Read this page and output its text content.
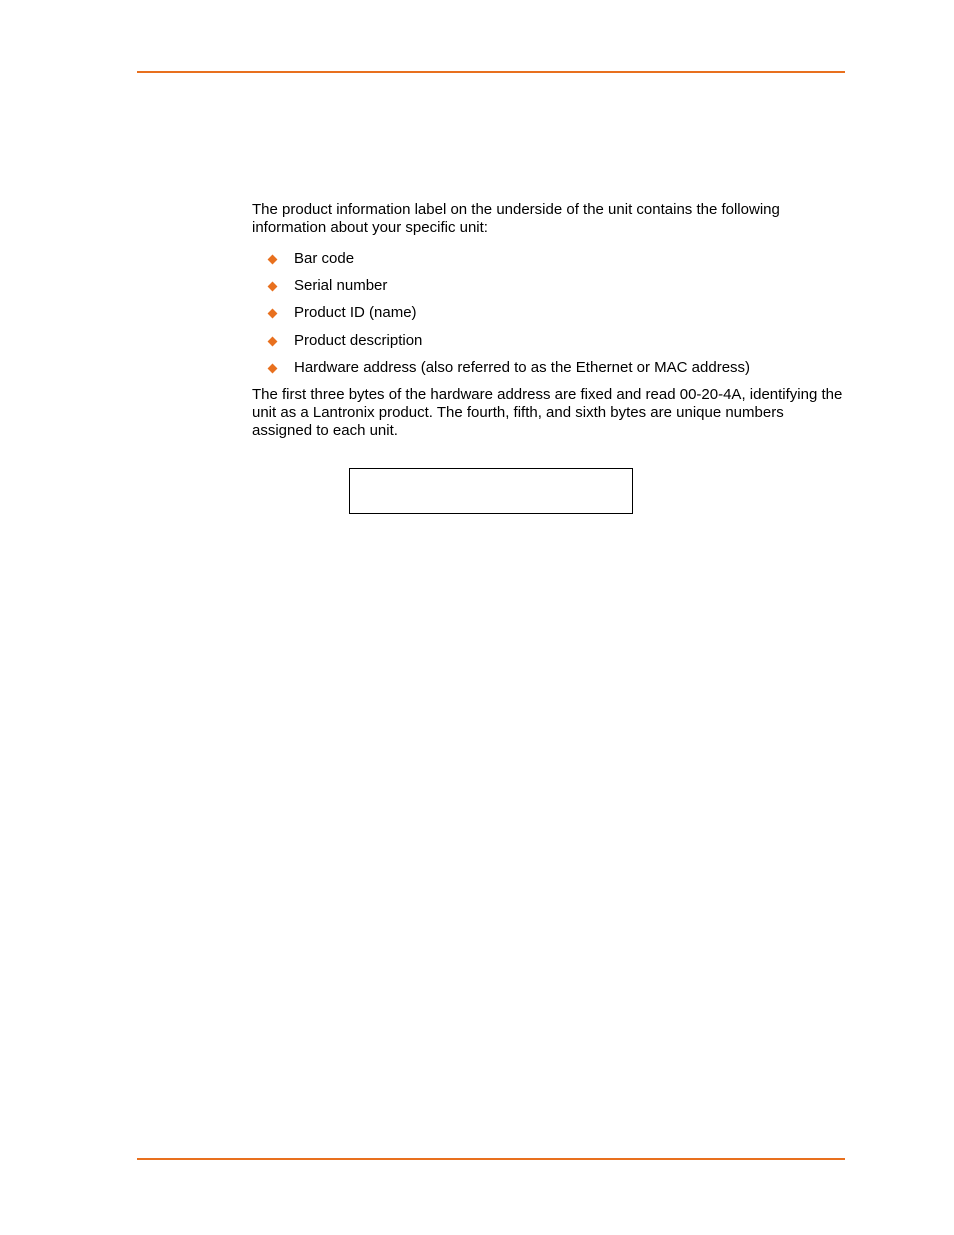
The product information label on the underside of the unit contains the following information about your specific unit:

Bar code
Serial number
Product ID (name)
Product description
Hardware address (also referred to as the Ethernet or MAC address)

The first three bytes of the hardware address are fixed and read 00-20-4A, identifying the unit as a Lantronix product. The fourth, fifth, and sixth bytes are unique numbers assigned to each unit.
